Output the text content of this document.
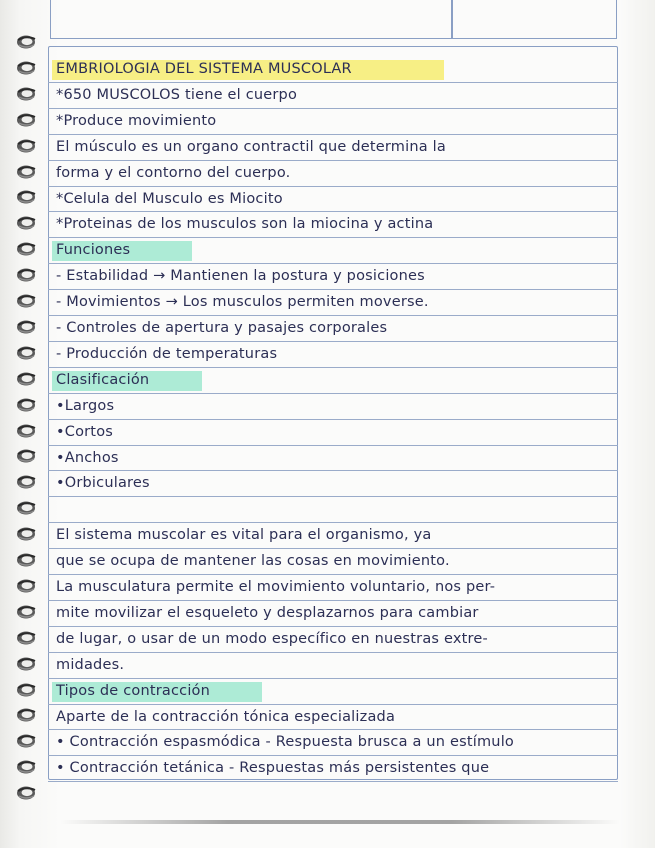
EMBRIOLOGIA DEL SISTEMA MUSCOLAR
*650 MUSCOLOS tiene el cuerpo
*Produce movimiento
El músculo es un organo contractil que determina la
forma y el contorno del cuerpo.
*Celula del Musculo es Miocito
*Proteinas de los musculos son la miocina y actina
Funciones
- Estabilidad → Mantienen la postura y posiciones
- Movimientos → Los musculos permiten moverse.
- Controles de apertura y pasajes corporales
- Producción de temperaturas
Clasificación
•Largos
•Cortos
•Anchos
•Orbiculares
El sistema muscolar es vital para el organismo, ya
que se ocupa de mantener las cosas en movimiento.
La musculatura permite el movimiento voluntario, nos per-
mite movilizar el esqueleto y desplazarnos para cambiar
de lugar, o usar de un modo específico en nuestras extre-
midades.
Tipos de contracción
Aparte de la contracción tónica especializada
• Contracción espasmódica - Respuesta brusca a un estímulo
• Contracción tetánica - Respuestas más persistentes que
